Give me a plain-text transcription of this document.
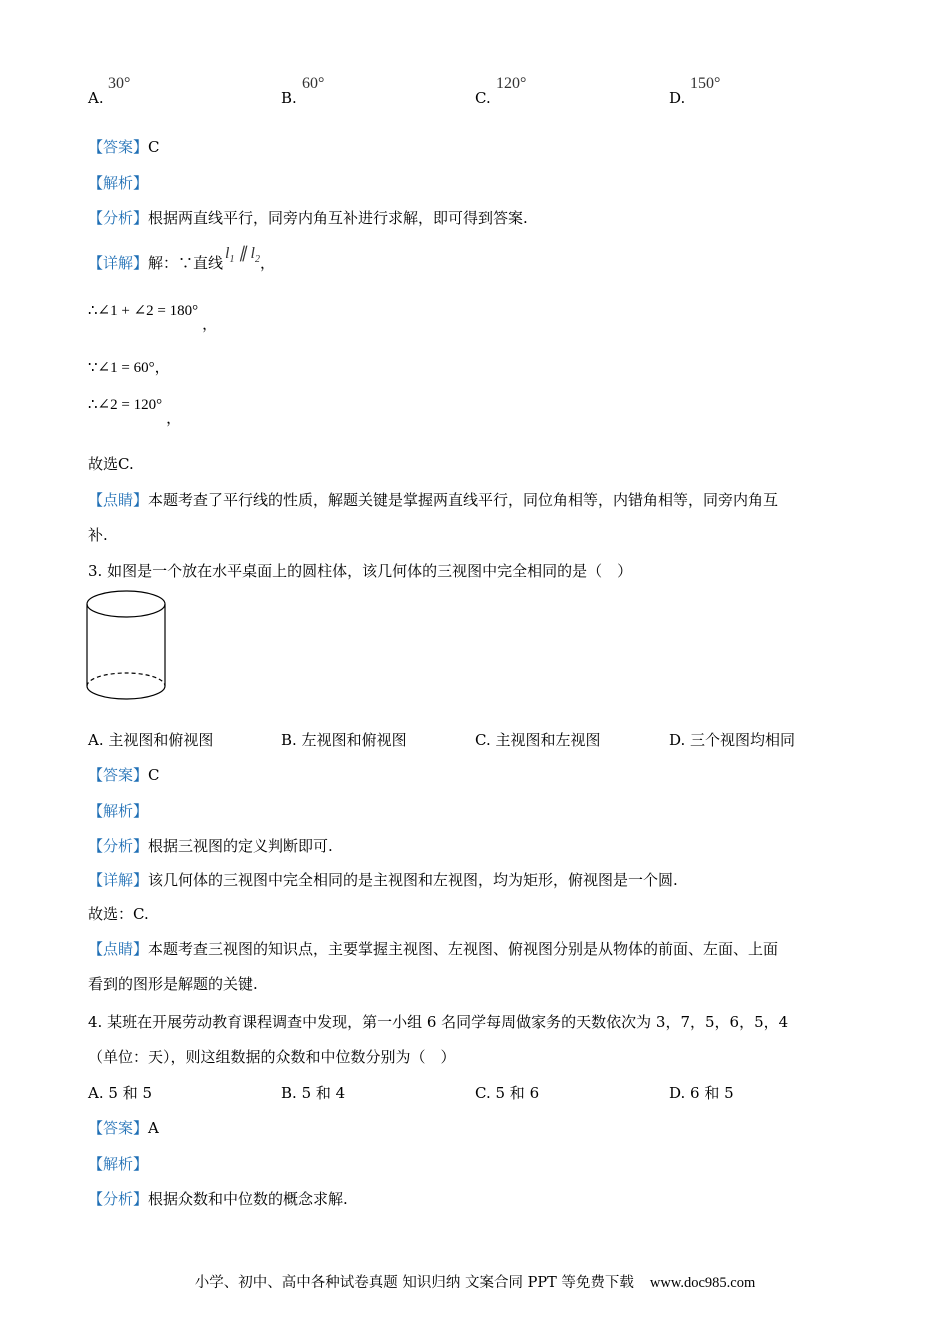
A.
30°
B.
60°
C.
120°
D.
150°
【答案】C
【解析】
【分析】根据两直线平行，同旁内角互补进行求解，即可得到答案.
【详解】解：∵直线$l_1$ ∥ $l_2$，
∴∠1 + ∠2 = 180°，
∵∠1 = 60°，
∴∠2 = 120°，
故选C.
【点睛】本题考查了平行线的性质，解题关键是掌握两直线平行，同位角相等，内错角相等，同旁内角互
补.
3. 如图是一个放在水平桌面上的圆柱体，该几何体的三视图中完全相同的是（　）
A. 主视图和俯视图	B. 左视图和俯视图	C. 主视图和左视图	D. 三个视图均相同
【答案】C
【解析】
【分析】根据三视图的定义判断即可.
【详解】该几何体的三视图中完全相同的是主视图和左视图，均为矩形，俯视图是一个圆.
故选：C.
【点睛】本题考查三视图的知识点，主要掌握主视图、左视图、俯视图分别是从物体的前面、左面、上面
看到的图形是解题的关键.
4. 某班在开展劳动教育课程调查中发现，第一小组 6 名同学每周做家务的天数依次为 3，7，5，6，5，4
（单位：天），则这组数据的众数和中位数分别为（　）
A. 5 和 5	B. 5 和 4	C. 5 和 6	D. 6 和 5
【答案】A
【解析】
【分析】根据众数和中位数的概念求解.
小学、初中、高中各种试卷真题 知识归纳 文案合同 PPT 等免费下载 www.doc985.com
